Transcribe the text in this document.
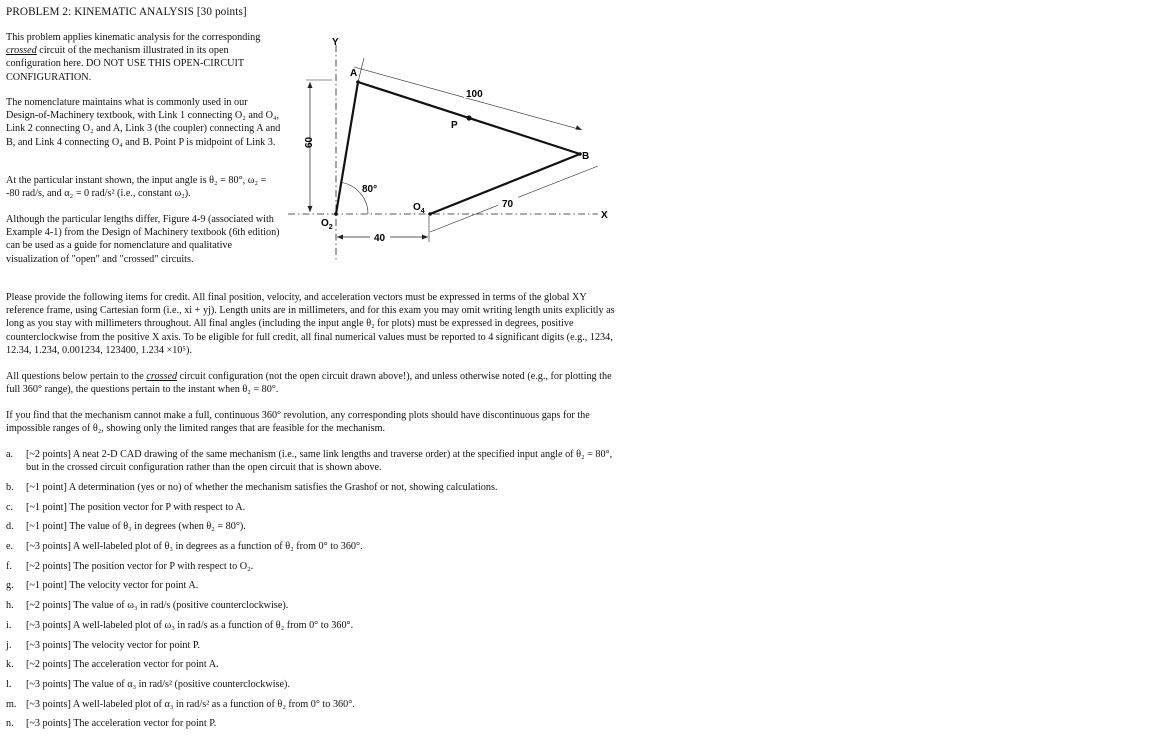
PROBLEM 2: KINEMATIC ANALYSIS [30 points]

This problem applies kinematic analysis for the corresponding crossed circuit of the mechanism illustrated in its open configuration here. DO NOT USE THIS OPEN-CIRCUIT CONFIGURATION.

The nomenclature maintains what is commonly used in our Design-of-Machinery textbook, with Link 1 connecting O₂ and O₄, Link 2 connecting O₂ and A, Link 3 (the coupler) connecting A and B, and Link 4 connecting O₄ and B. Point P is midpoint of Link 3.

At the particular instant shown, the input angle is θ₂ = 80°, ω₂ = -80 rad/s, and α₂ = 0 rad/s² (i.e., constant ω₂).

Although the particular lengths differ, Figure 4-9 (associated with Example 4-1) from the Design of Machinery textbook (6th edition) can be used as a guide for nomenclature and qualitative visualization of "open" and "crossed" circuits.

Y
X
60
40
100
70
80°
A
B
P
$O_2$
$O_4$

Please provide the following items for credit. All final position, velocity, and acceleration vectors must be expressed in terms of the global XY reference frame, using Cartesian form (i.e., xi + yj). Length units are in millimeters, and for this exam you may omit writing length units explicitly as long as you stay with millimeters throughout. All final angles (including the input angle θ₂ for plots) must be expressed in degrees, positive counterclockwise from the positive X axis. To be eligible for full credit, all final numerical values must be reported to 4 significant digits (e.g., 1234, 12.34, 1.234, 0.001234, 123400, 1.234 ×10⁵).

All questions below pertain to the crossed circuit configuration (not the open circuit drawn above!), and unless otherwise noted (e.g., for plotting the full 360° range), the questions pertain to the instant when θ₂ = 80°.

If you find that the mechanism cannot make a full, continuous 360° revolution, any corresponding plots should have discontinuous gaps for the impossible ranges of θ₂, showing only the limited ranges that are feasible for the mechanism.

a. [~2 points] A neat 2-D CAD drawing of the same mechanism (i.e., same link lengths and traverse order) at the specified input angle of θ₂ = 80°, but in the crossed circuit configuration rather than the open circuit that is shown above.
b. [~1 point] A determination (yes or no) of whether the mechanism satisfies the Grashof or not, showing calculations.
c. [~1 point] The position vector for P with respect to A.
d. [~1 point] The value of θ₃ in degrees (when θ₂ = 80°).
e. [~3 points] A well-labeled plot of θ₃ in degrees as a function of θ₂ from 0° to 360°.
f. [~2 points] The position vector for P with respect to O₂.
g. [~1 point] The velocity vector for point A.
h. [~2 points] The value of ω₃ in rad/s (positive counterclockwise).
i. [~3 points] A well-labeled plot of ω₃ in rad/s as a function of θ₂ from 0° to 360°.
j. [~3 points] The velocity vector for point P.
k. [~2 points] The acceleration vector for point A.
l. [~3 points] The value of α₃ in rad/s² (positive counterclockwise).
m. [~3 points] A well-labeled plot of α₃ in rad/s² as a function of θ₂ from 0° to 360°.
n. [~3 points] The acceleration vector for point P.
